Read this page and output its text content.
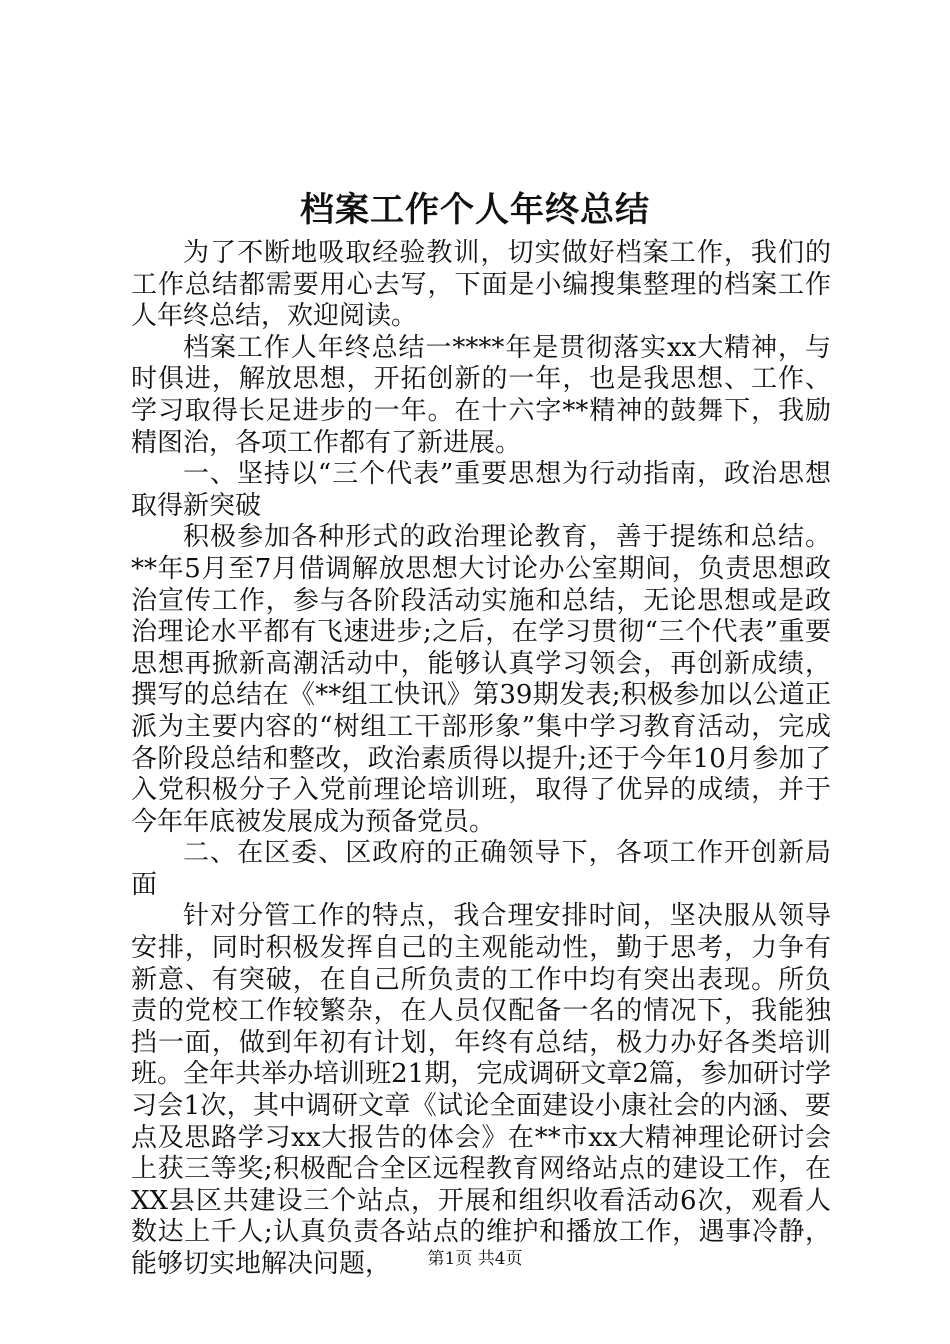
档案工作个人年终总结

为了不断地吸取经验教训，切实做好档案工作，我们的工作总结都需要用心去写，下面是小编搜集整理的档案工作人年终总结，欢迎阅读。

档案工作人年终总结一****年是贯彻落实xx大精神，与时俱进，解放思想，开拓创新的一年，也是我思想、工作、学习取得长足进步的一年。在十六字**精神的鼓舞下，我励精图治，各项工作都有了新进展。

一、坚持以“三个代表”重要思想为行动指南，政治思想取得新突破

积极参加各种形式的政治理论教育，善于提练和总结。**年5月至7月借调解放思想大讨论办公室期间，负责思想政治宣传工作，参与各阶段活动实施和总结，无论思想或是政治理论水平都有飞速进步;之后，在学习贯彻“三个代表”重要思想再掀新高潮活动中，能够认真学习领会，再创新成绩，撰写的总结在《**组工快讯》第39期发表;积极参加以公道正派为主要内容的“树组工干部形象”集中学习教育活动，完成各阶段总结和整改，政治素质得以提升;还于今年10月参加了入党积极分子入党前理论培训班，取得了优异的成绩，并于今年年底被发展成为预备党员。

二、在区委、区政府的正确领导下，各项工作开创新局面

针对分管工作的特点，我合理安排时间，坚决服从领导安排，同时积极发挥自己的主观能动性，勤于思考，力争有新意、有突破，在自己所负责的工作中均有突出表现。所负责的党校工作较繁杂，在人员仅配备一名的情况下，我能独挡一面，做到年初有计划，年终有总结，极力办好各类培训班。全年共举办培训班21期，完成调研文章2篇，参加研讨学习会1次，其中调研文章《试论全面建设小康社会的内涵、要点及思路学习xx大报告的体会》在**市xx大精神理论研讨会上获三等奖;积极配合全区远程教育网络站点的建设工作，在XX县区共建设三个站点，开展和组织收看活动6次，观看人数达上千人;认真负责各站点的维护和播放工作，遇事冷静，能够切实地解决问题，	第1页 共4页
